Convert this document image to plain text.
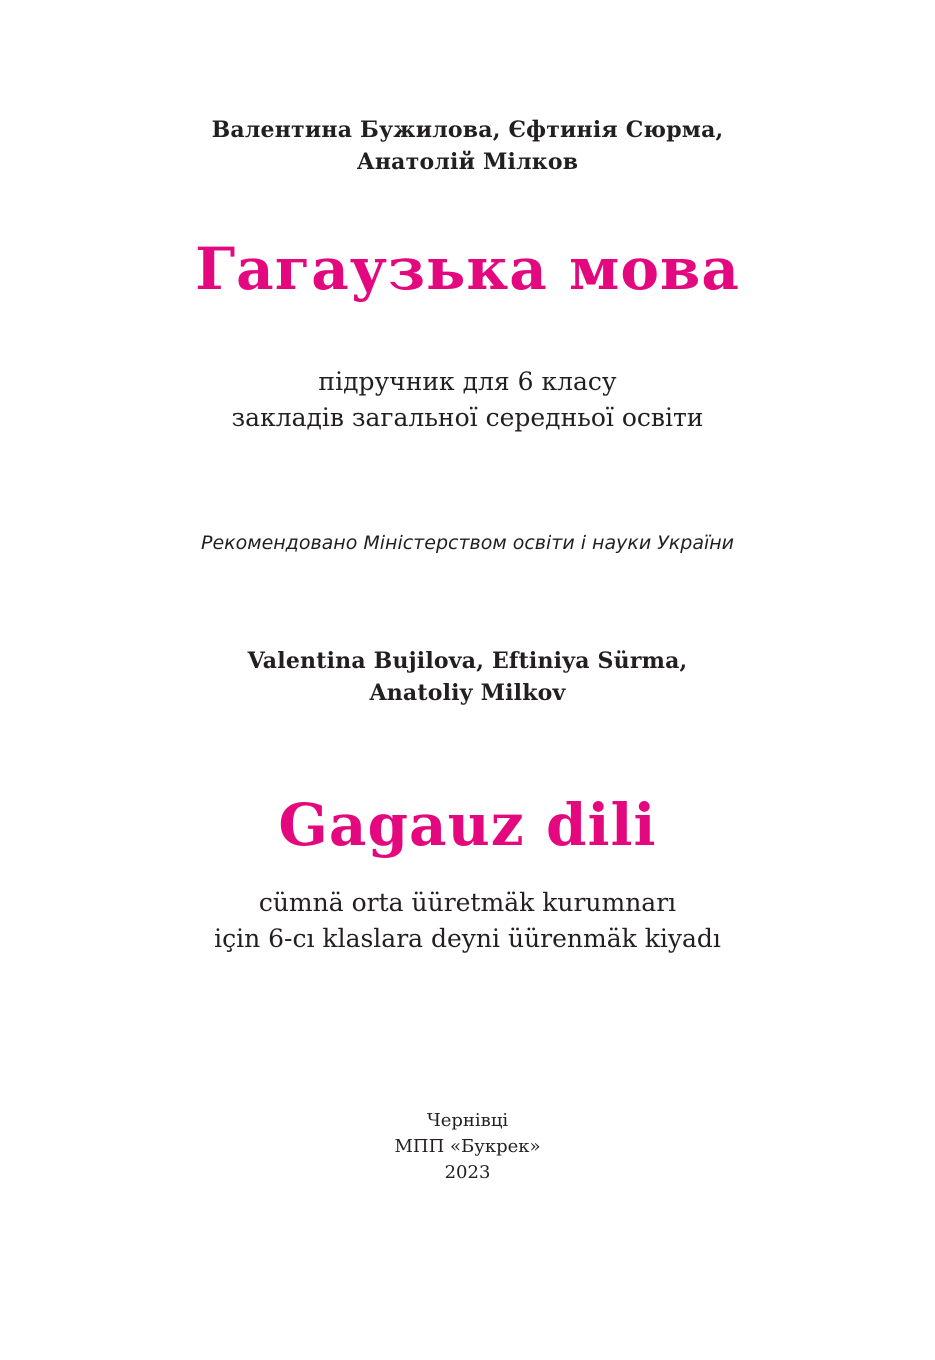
Валентина Бужилова, Єфтинія Сюрма,
Анатолій Мілков
Гагаузька мова
підручник для 6 класу
закладів загальної середньої освіти
Рекомендовано Міністерством освіти і науки України
Valentina Bujilova, Eftiniya Sürma,
Anatoliy Milkov
Gagauz dili
cümnä orta üüretmäk kurumnarı
için 6-cı klaslara deyni üürenmäk kiyadı
Чернівці
МПП «Букрек»
2023
